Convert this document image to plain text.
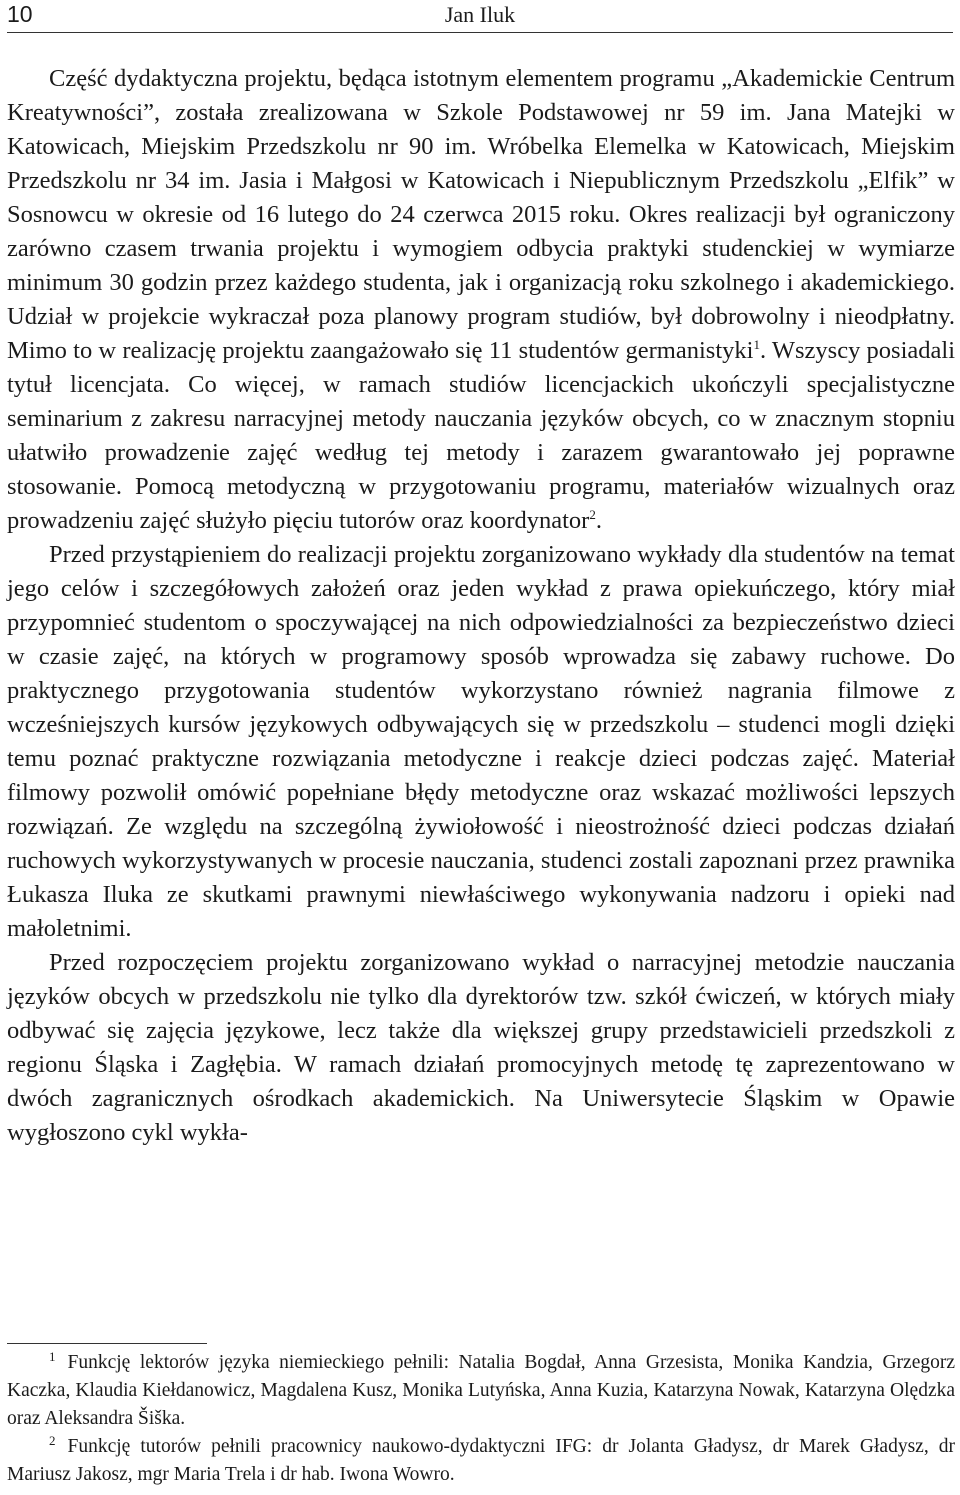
10	Jan Iluk

Część dydaktyczna projektu, będąca istotnym elementem programu „Akademickie Centrum Kreatywności”, została zrealizowana w Szkole Podstawowej nr 59 im. Jana Matejki w Katowicach, Miejskim Przedszkolu nr 90 im. Wróbelka Elemelka w Katowicach, Miejskim Przedszkolu nr 34 im. Jasia i Małgosi w Katowicach i Niepublicznym Przedszkolu „Elfik” w Sosnowcu w okresie od 16 lutego do 24 czerwca 2015 roku. Okres realizacji był ograniczony zarówno czasem trwania projektu i wymogiem odbycia praktyki studenckiej w wymiarze minimum 30 godzin przez każdego studenta, jak i organizacją roku szkolnego i akademickiego. Udział w projekcie wykraczał poza planowy program studiów, był dobrowolny i nieodpłatny. Mimo to w realizację projektu zaangażowało się 11 studentów germanistyki$^1$. Wszyscy posiadali tytuł licencjata. Co więcej, w ramach studiów licencjackich ukończyli specjalistyczne seminarium z zakresu narracyjnej metody nauczania języków obcych, co w znacznym stopniu ułatwiło prowadzenie zajęć według tej metody i zarazem gwarantowało jej poprawne stosowanie. Pomocą metodyczną w przygotowaniu programu, materiałów wizualnych oraz prowadzeniu zajęć służyło pięciu tutorów oraz koordynator$^2$.

Przed przystąpieniem do realizacji projektu zorganizowano wykłady dla studentów na temat jego celów i szczegółowych założeń oraz jeden wykład z prawa opiekuńczego, który miał przypomnieć studentom o spoczywającej na nich odpowiedzialności za bezpieczeństwo dzieci w czasie zajęć, na których w programowy sposób wprowadza się zabawy ruchowe. Do praktycznego przygotowania studentów wykorzystano również nagrania filmowe z wcześniejszych kursów językowych odbywających się w przedszkolu – studenci mogli dzięki temu poznać praktyczne rozwiązania metodyczne i reakcje dzieci podczas zajęć. Materiał filmowy pozwolił omówić popełniane błędy metodyczne oraz wskazać możliwości lepszych rozwiązań. Ze względu na szczególną żywiołowość i nieostrożność dzieci podczas działań ruchowych wykorzystywanych w procesie nauczania, studenci zostali zapoznani przez prawnika Łukasza Iluka ze skutkami prawnymi niewłaściwego wykonywania nadzoru i opieki nad małoletnimi.

Przed rozpoczęciem projektu zorganizowano wykład o narracyjnej metodzie nauczania języków obcych w przedszkolu nie tylko dla dyrektorów tzw. szkół ćwiczeń, w których miały odbywać się zajęcia językowe, lecz także dla większej grupy przedstawicieli przedszkoli z regionu Śląska i Zagłębia. W ramach działań promocyjnych metodę tę zaprezentowano w dwóch zagranicznych ośrodkach akademickich. Na Uniwersytecie Śląskim w Opawie wygłoszono cykl wykła-

$^1$ Funkcję lektorów języka niemieckiego pełnili: Natalia Bogdał, Anna Grzesista, Monika Kandzia, Grzegorz Kaczka, Klaudia Kiełdanowicz, Magdalena Kusz, Monika Lutyńska, Anna Kuzia, Katarzyna Nowak, Katarzyna Olędzka oraz Aleksandra Šiška.

$^2$ Funkcję tutorów pełnili pracownicy naukowo-dydaktyczni IFG: dr Jolanta Gładysz, dr Marek Gładysz, dr Mariusz Jakosz, mgr Maria Trela i dr hab. Iwona Wowro.
